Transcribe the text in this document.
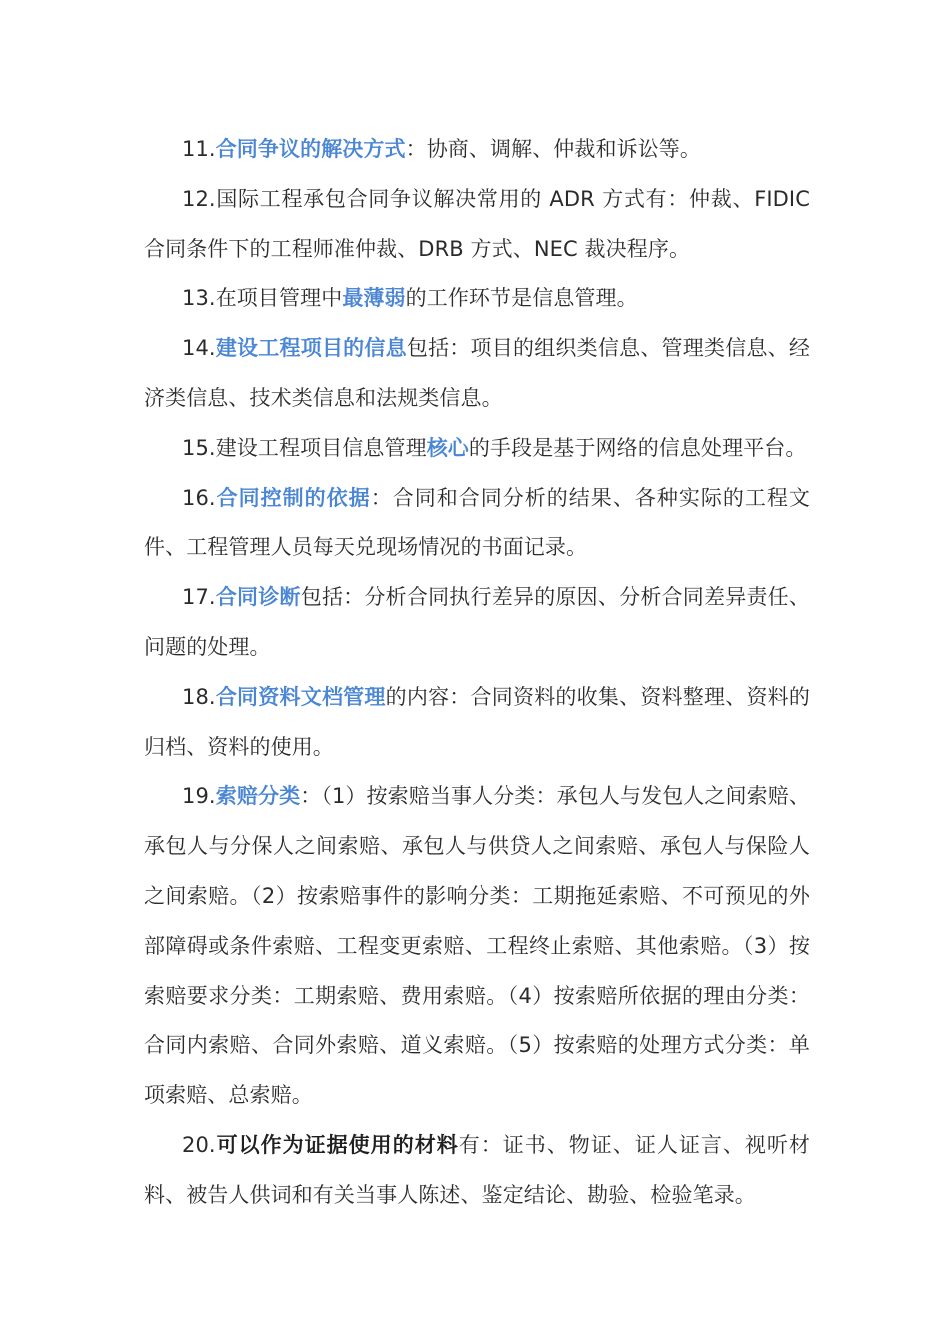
11.合同争议的解决方式：协商、调解、仲裁和诉讼等。

12.国际工程承包合同争议解决常用的 ADR 方式有：仲裁、FIDIC 合同条件下的工程师准仲裁、DRB 方式、NEC 裁决程序。

13.在项目管理中最薄弱的工作环节是信息管理。

14.建设工程项目的信息包括：项目的组织类信息、管理类信息、经济类信息、技术类信息和法规类信息。

15.建设工程项目信息管理核心的手段是基于网络的信息处理平台。

16.合同控制的依据：合同和合同分析的结果、各种实际的工程文件、工程管理人员每天兑现场情况的书面记录。

17.合同诊断包括：分析合同执行差异的原因、分析合同差异责任、问题的处理。

18.合同资料文档管理的内容：合同资料的收集、资料整理、资料的归档、资料的使用。

19.索赔分类：（1）按索赔当事人分类：承包人与发包人之间索赔、承包人与分保人之间索赔、承包人与供贷人之间索赔、承包人与保险人之间索赔。（2）按索赔事件的影响分类：工期拖延索赔、不可预见的外部障碍或条件索赔、工程变更索赔、工程终止索赔、其他索赔。（3）按索赔要求分类：工期索赔、费用索赔。（4）按索赔所依据的理由分类：合同内索赔、合同外索赔、道义索赔。（5）按索赔的处理方式分类：单项索赔、总索赔。

20.可以作为证据使用的材料有：证书、物证、证人证言、视听材料、被告人供词和有关当事人陈述、鉴定结论、勘验、检验笔录。
